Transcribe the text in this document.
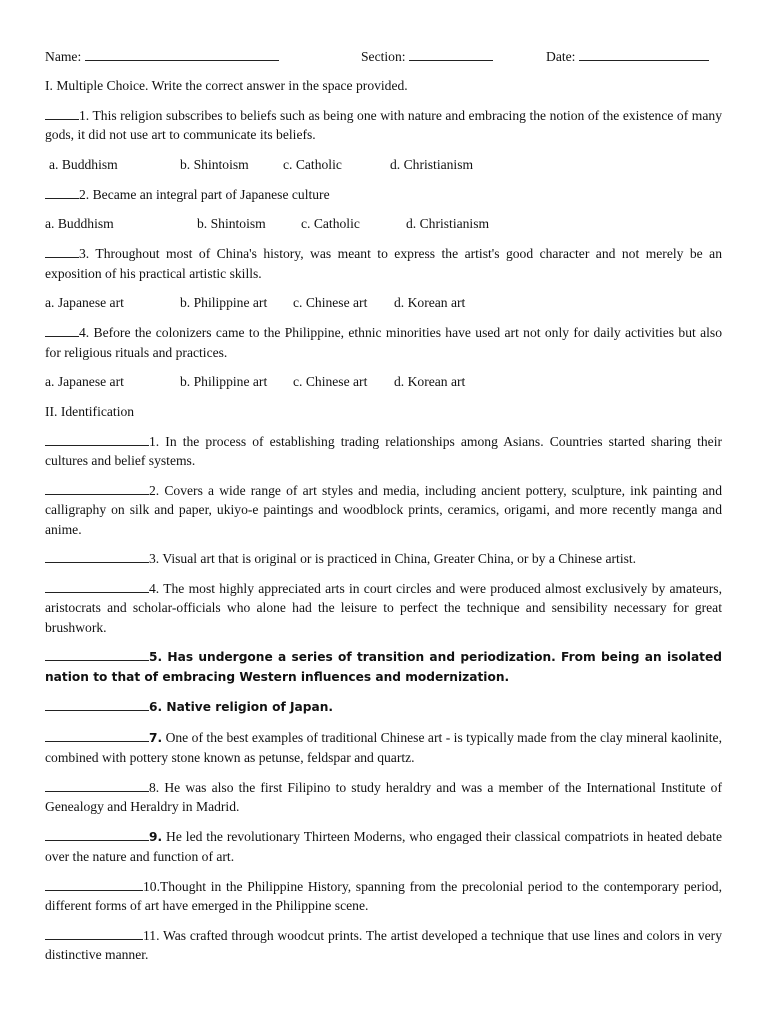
Name:	Section:	Date:

I. Multiple Choice. Write the correct answer in the space provided.

1. This religion subscribes to beliefs such as being one with nature and embracing the notion of the existence of many gods, it did not use art to communicate its beliefs.

a. Buddhism	b. Shintoism	c. Catholic	d. Christianism

2. Became an integral part of Japanese culture

a. Buddhism	b. Shintoism	c. Catholic	d. Christianism

3. Throughout most of China's history, was meant to express the artist's good character and not merely be an exposition of his practical artistic skills.

a. Japanese art	b. Philippine art c. Chinese art d. Korean art

4. Before the colonizers came to the Philippine, ethnic minorities have used art not only for daily activities but also for religious rituals and practices.

a. Japanese art	b. Philippine art c. Chinese art d. Korean art

II. Identification

1. In the process of establishing trading relationships among Asians. Countries started sharing their cultures and belief systems.

2. Covers a wide range of art styles and media, including ancient pottery, sculpture, ink painting and calligraphy on silk and paper, ukiyo-e paintings and woodblock prints, ceramics, origami, and more recently manga and anime.

3. Visual art that is original or is practiced in China, Greater China, or by a Chinese artist.

4. The most highly appreciated arts in court circles and were produced almost exclusively by amateurs, aristocrats and scholar-officials who alone had the leisure to perfect the technique and sensibility necessary for great brushwork.

5. Has undergone a series of transition and periodization. From being an isolated nation to that of embracing Western influences and modernization.

6. Native religion of Japan.

7. One of the best examples of traditional Chinese art - is typically made from the clay mineral kaolinite, combined with pottery stone known as petunse, feldspar and quartz.

8. He was also the first Filipino to study heraldry and was a member of the International Institute of Genealogy and Heraldry in Madrid.

9. He led the revolutionary Thirteen Moderns, who engaged their classical compatriots in heated debate over the nature and function of art.

10.Thought in the Philippine History, spanning from the precolonial period to the contemporary period, different forms of art have emerged in the Philippine scene.

11. Was crafted through woodcut prints. The artist developed a technique that use lines and colors in very distinctive manner.
